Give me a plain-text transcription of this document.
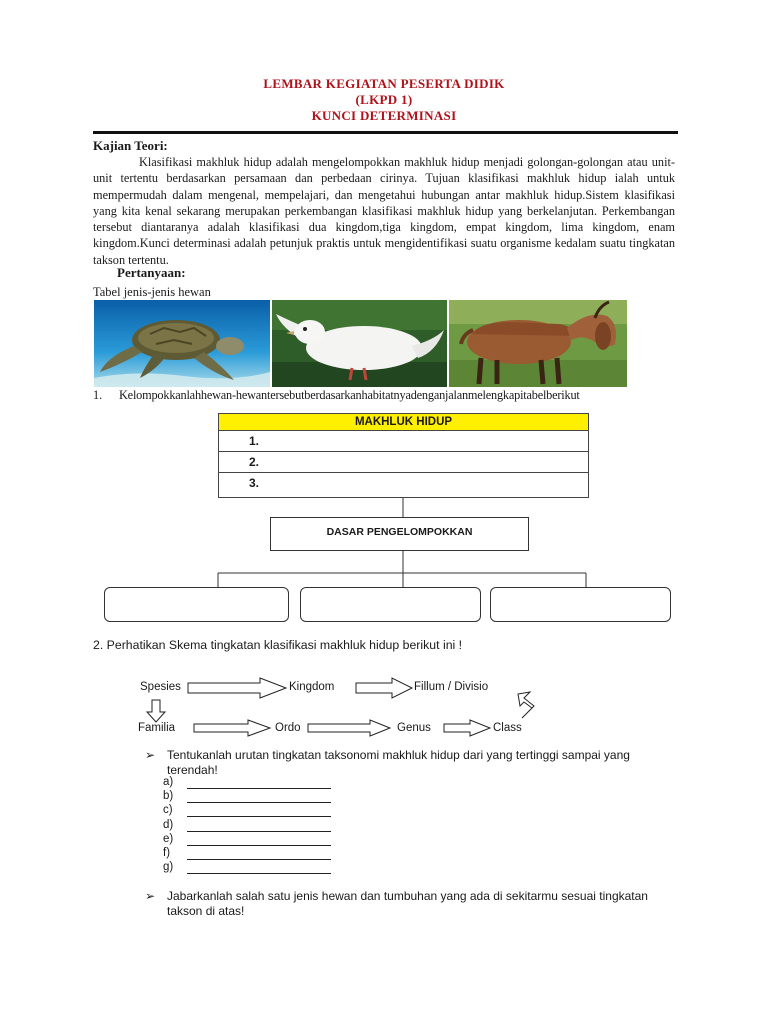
LEMBAR KEGIATAN PESERTA DIDIK
(LKPD 1)
KUNCI DETERMINASI
Kajian Teori:
Klasifikasi makhluk hidup adalah mengelompokkan makhluk hidup menjadi golongan-golongan atau unit-unit tertentu berdasarkan persamaan dan perbedaan cirinya. Tujuan klasifikasi makhluk hidup ialah untuk mempermudah dalam mengenal, mempelajari, dan mengetahui hubungan antar makhluk hidup.Sistem klasifikasi yang kita kenal sekarang merupakan perkembangan klasifikasi makhluk hidup yang berkelanjutan. Perkembangan tersebut diantaranya adalah klasifikasi dua kingdom,tiga kingdom, empat kingdom, lima kingdom, enam kingdom.Kunci determinasi adalah petunjuk praktis untuk mengidentifikasi suatu organisme kedalam suatu tingkatan takson tertentu.
Pertanyaan:
Tabel jenis-jenis hewan
1. Kelompokkanlahhewan-hewantersebutberdasarkanhabitatnyadenganjalanmelengkapitabelberikut
MAKHLUK HIDUP
1.
2.
3.
DASAR PENGELOMPOKKAN
2. Perhatikan Skema tingkatan klasifikasi makhluk hidup berikut ini !
Spesies	Kingdom	Fillum / Divisio
Familia	Ordo	Genus	Class
➢ Tentukanlah urutan tingkatan taksonomi makhluk hidup dari yang tertinggi sampai yang terendah!
a)
b)
c)
d)
e)
f)
g)
➢ Jabarkanlah salah satu jenis hewan dan tumbuhan yang ada di sekitarmu sesuai tingkatan takson di atas!
